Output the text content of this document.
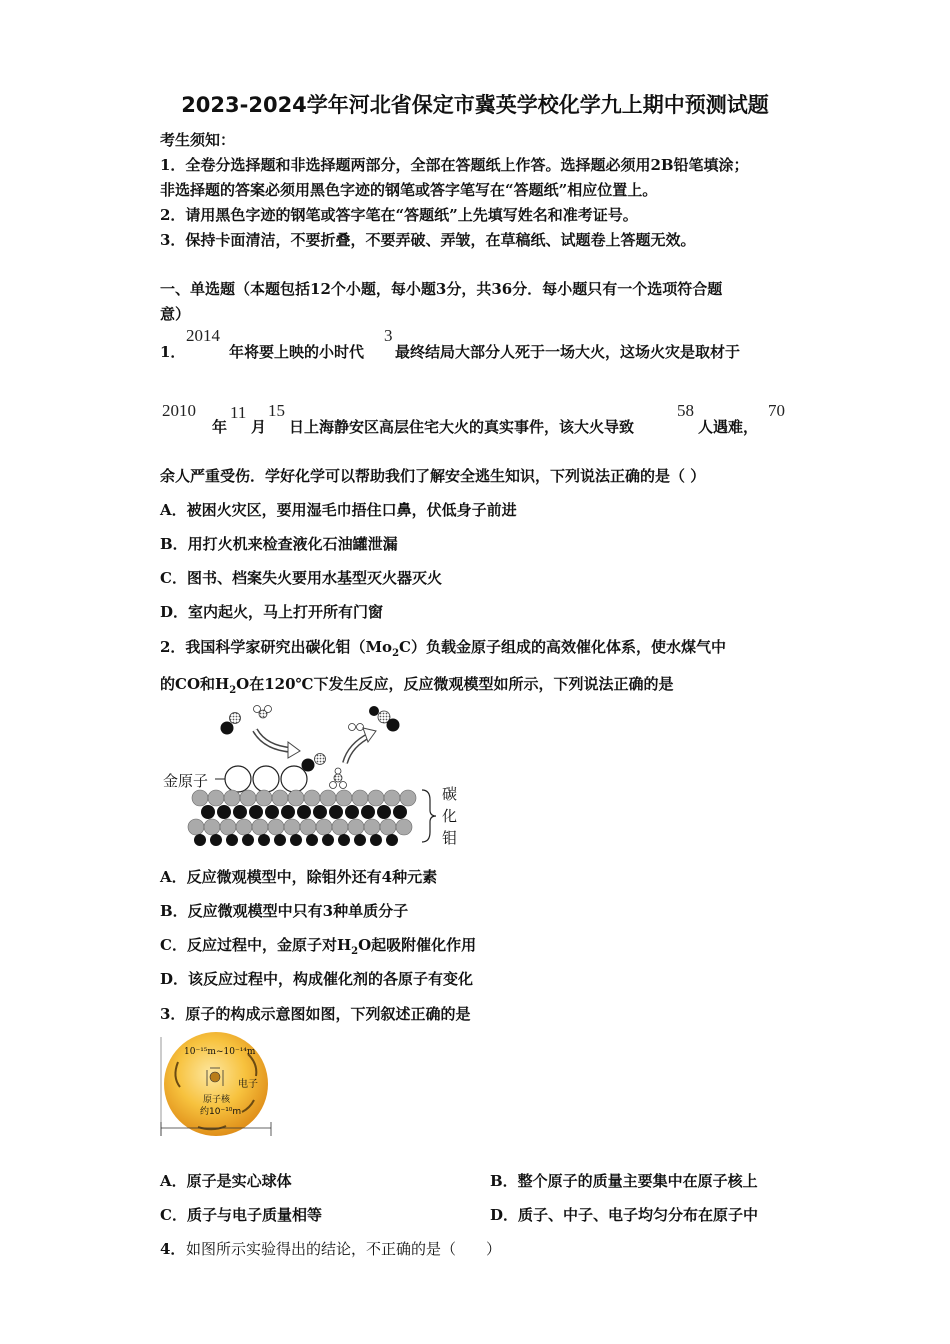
2023-2024学年河北省保定市冀英学校化学九上期中预测试题
考生须知：
1．全卷分选择题和非选择题两部分，全部在答题纸上作答。选择题必须用2B铅笔填涂；
非选择题的答案必须用黑色字迹的钢笔或答字笔写在“答题纸”相应位置上。
2．请用黑色字迹的钢笔或答字笔在“答题纸”上先填写姓名和准考证号。
3．保持卡面清洁，不要折叠，不要弄破、弄皱，在草稿纸、试题卷上答题无效。
一、单选题（本题包括12个小题，每小题3分，共36分．每小题只有一个选项符合题
意）
1．
2014
年将要上映的小时代
3
最终结局大部分人死于一场大火，这场火灾是取材于
2010
年
11
月
15
日上海静安区高层住宅大火的真实事件，该大火导致
58
人遇难，
70
余人严重受伤．学好化学可以帮助我们了解安全逃生知识，下列说法正确的是（ ）
A．被困火灾区，要用湿毛巾捂住口鼻，伏低身子前进
B．用打火机来检查液化石油罐泄漏
C．图书、档案失火要用水基型灭火器灭火
D．室内起火，马上打开所有门窗
2．我国科学家研究出碳化钼$(Mo_2C)$负载金原子组成的高效催化体系，使水煤气中
的CO和$H_2O$在120℃下发生反应，反应微观模型如所示，下列说法正确的是
金原子
碳
化
钼
A．反应微观模型中，除钼外还有4种元素
B．反应微观模型中只有3种单质分子
C．反应过程中，金原子对$H_2O$起吸附催化作用
D．该反应过程中，构成催化剂的各原子有变化
3．原子的构成示意图如图，下列叙述正确的是
10⁻¹⁵m~10⁻¹⁴m
电子
原子核
约10⁻¹⁰m
A．原子是实心球体	B．整个原子的质量主要集中在原子核上
C．质子与电子质量相等	D．质子、中子、电子均匀分布在原子中
4． 如图所示实验得出的结论，不正确的是（　　）
